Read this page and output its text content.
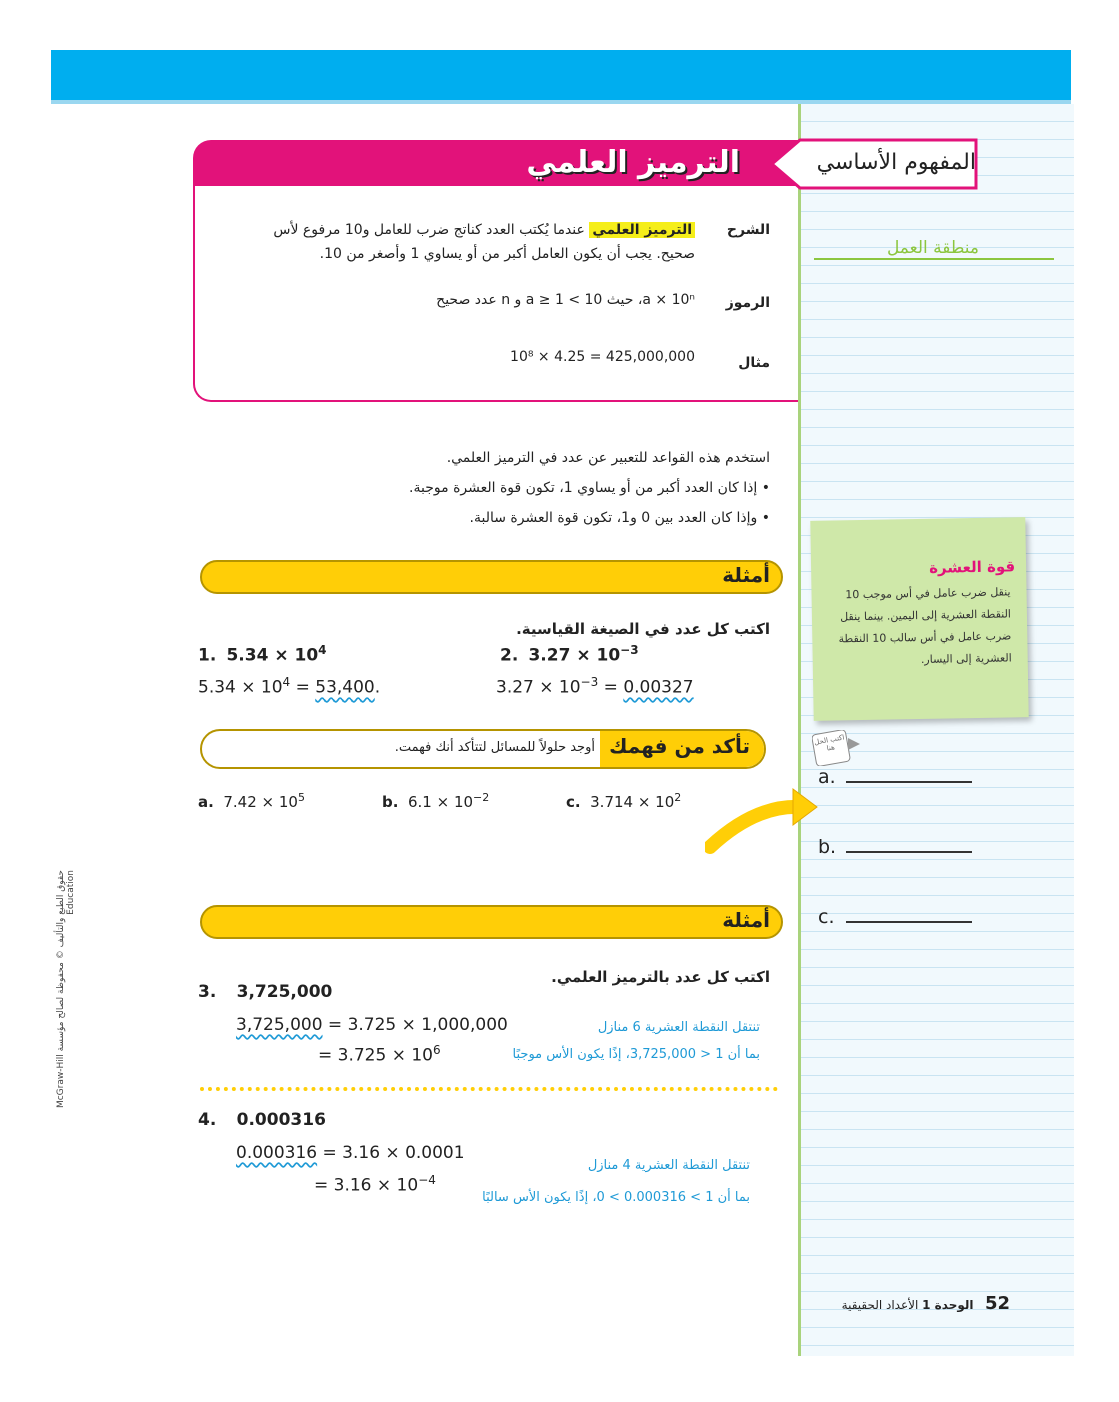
الترميز العلمي	المفهوم الأساسي
الشرح
الترميز العلمي عندما يُكتب العدد كناتج ضرب للعامل و10 مرفوع لأس
صحيح. يجب أن يكون العامل أكبر من أو يساوي 1 وأصغر من 10.
الرموز
a × 10ⁿ، حيث 10 > a ≥ 1 و n عدد صحيح
مثال
425,000,000 = 4.25 × 10⁸
منطقة العمل
استخدم هذه القواعد للتعبير عن عدد في الترميز العلمي.
• إذا كان العدد أكبر من أو يساوي 1، تكون قوة العشرة موجبة.
• وإذا كان العدد بين 0 و1، تكون قوة العشرة سالبة.
أمثلة
اكتب كل عدد في الصيغة القياسية.
1. $5.34 \times 10^4$
$5.34 \times 10^4 = 53,400$.
2. $3.27 \times 10^{-3}$
$3.27 \times 10^{-3} = 0.00327$
تأكد من فهمك
أوجد حلولاً للمسائل لتتأكد أنك فهمت.
a. $7.42 \times 10^5$	b. $6.1 \times 10^{-2}$	c. $3.714 \times 10^2$
اكتب الحل هنا
قوة العشرة
ينقل ضرب عامل في أس موجب 10 النقطة العشرية إلى اليمين. بينما ينقل ضرب عامل في أس سالب 10 النقطة العشرية إلى اليسار.
a.
b.
c.
أمثلة
اكتب كل عدد بالترميز العلمي.
3. 3,725,000
3,725,000 = 3.725 × 1,000,000
= $3.725 \times 10^6$
تنتقل النقطة العشرية 6 منازل
بما أن 1 < 3,725,000، إذًا يكون الأس موجبًا
4. 0.000316
0.000316 = 3.16 × 0.0001
= $3.16 \times 10^{-4}$
تنتقل النقطة العشرية 4 منازل
بما أن 1 > 0.000316 > 0، إذًا يكون الأس سالبًا
52   الوحدة 1 الأعداد الحقيقية
حقوق الطبع والتأليف © محفوظة لصالح مؤسسة McGraw-Hill Education
